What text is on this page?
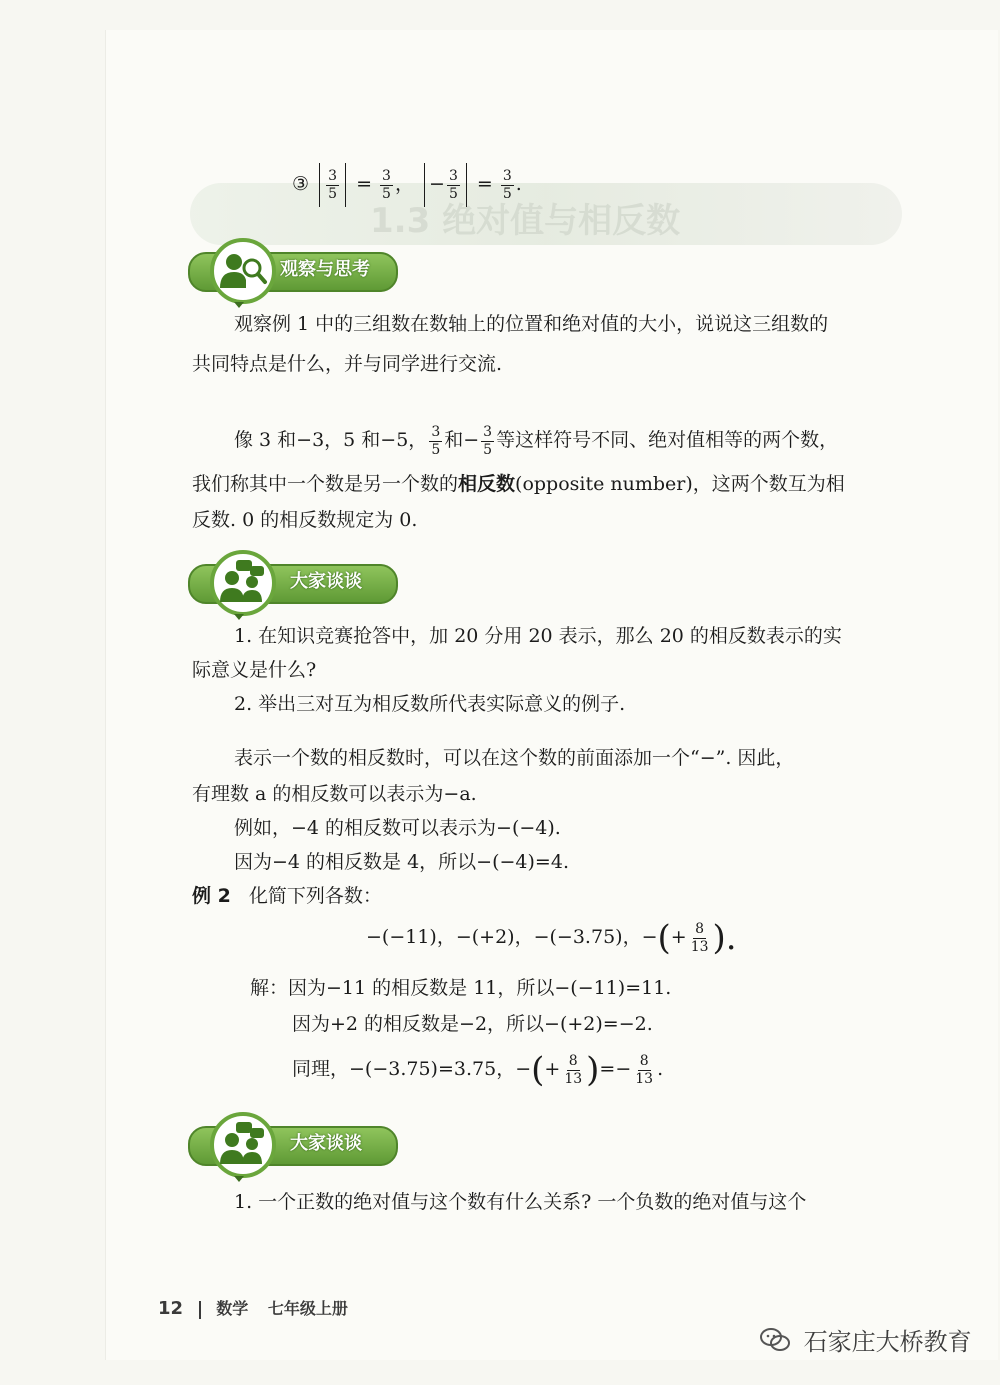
1.3 绝对值与相反数
③ $\frac{3}{5} = \frac{3}{5}$ ， − $\frac{3}{5} = \frac{3}{5}$ .
观察与思考
观察例 1 中的三组数在数轴上的位置和绝对值的大小，说说这三组数的
共同特点是什么，并与同学进行交流.
像 3 和−3，5 和−5， $\frac{3}{5}$ 和− $\frac{3}{5}$ 等这样符号不同、绝对值相等的两个数，
我们称其中一个数是另一个数的相反数(opposite number)，这两个数互为相
反数. 0 的相反数规定为 0.
大家谈谈
1. 在知识竞赛抢答中，加 20 分用 20 表示，那么 20 的相反数表示的实
际意义是什么?
2. 举出三对互为相反数所代表实际意义的例子.
表示一个数的相反数时，可以在这个数的前面添加一个“−”. 因此，
有理数 a 的相反数可以表示为−a.
例如，−4 的相反数可以表示为−(−4).
因为−4 的相反数是 4，所以−(−4)=4.
例 2 化简下列各数：
−(−11)，−(+2)，−(−3.75)，−(+ $\frac{8}{13}$ ).
解：因为−11 的相反数是 11，所以−(−11)=11.
因为+2 的相反数是−2，所以−(+2)=−2.
同理，−(−3.75)=3.75，−(+ $\frac{8}{13}$ )=− $\frac{8}{13}$ .
大家谈谈
1. 一个正数的绝对值与这个数有什么关系? 一个负数的绝对值与这个
12 数学 七年级上册
石家庄大桥教育
